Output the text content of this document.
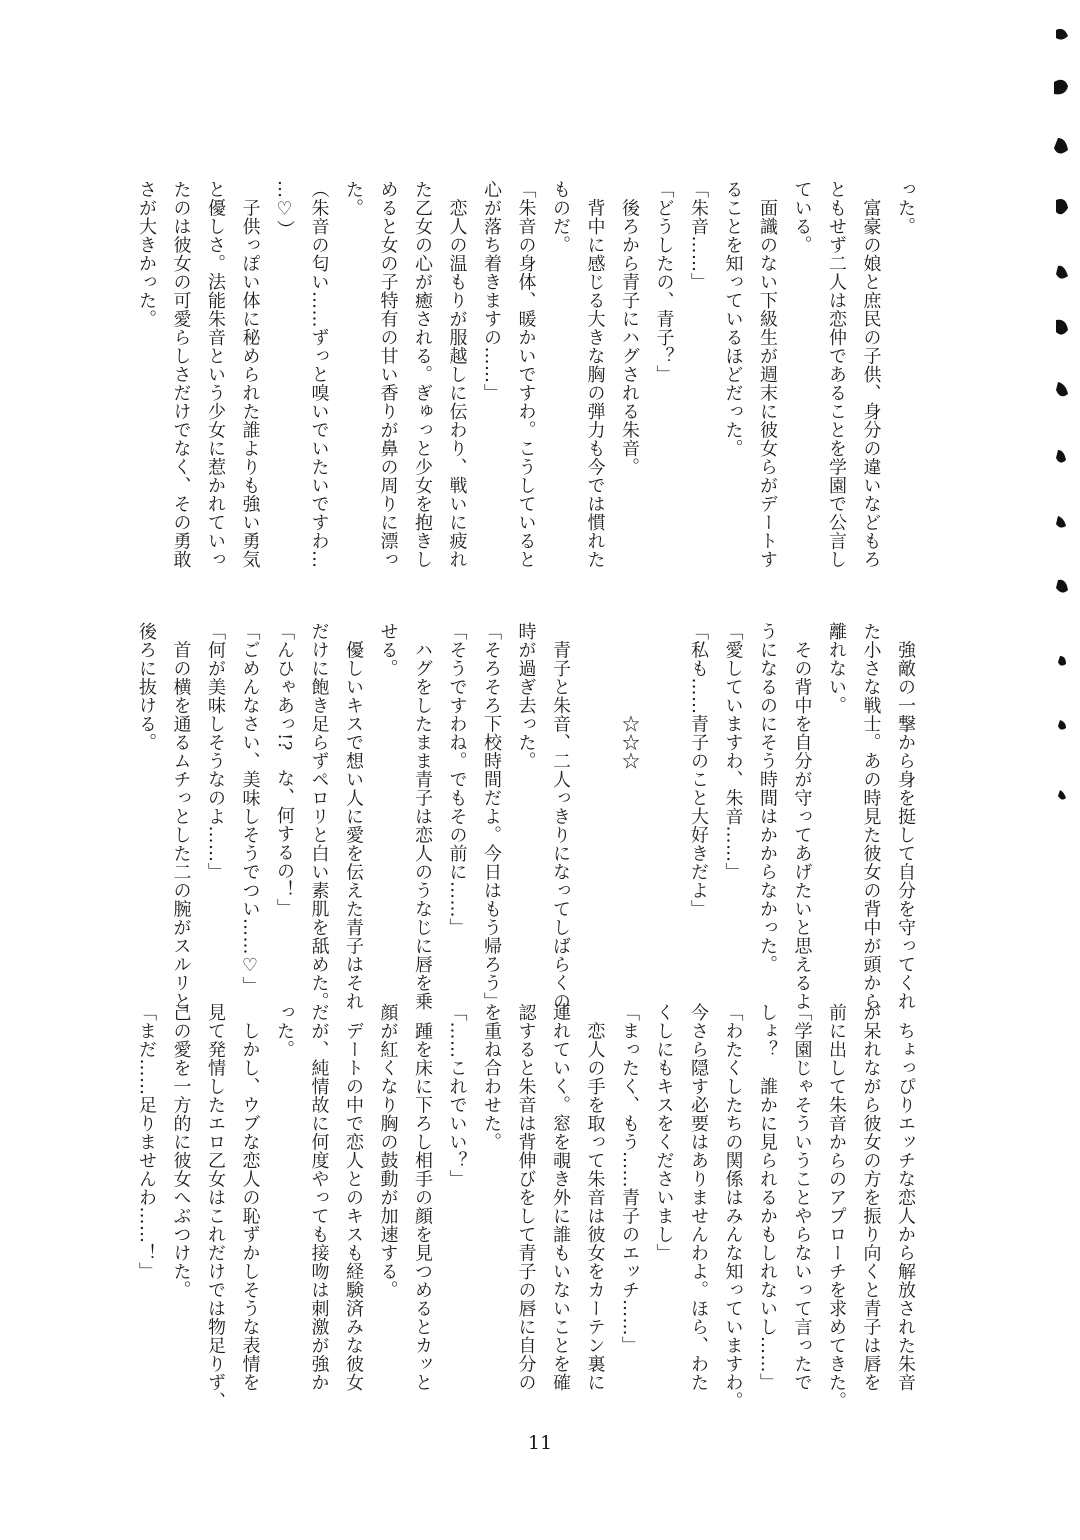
った。

　富豪の娘と庶民の子供、身分の違いなどもろ

ともせず二人は恋仲であることを学園で公言し

ている。

　面識のない下級生が週末に彼女らがデートす

ることを知っているほどだった。

「朱音……」

「どうしたの、青子？」

　後ろから青子にハグされる朱音。

　背中に感じる大きな胸の弾力も今では慣れた

ものだ。

「朱音の身体、暖かいですわ。こうしていると

心が落ち着きますの……」

　恋人の温もりが服越しに伝わり、戦いに疲れ

た乙女の心が癒される。ぎゅっと少女を抱きし

めると女の子特有の甘い香りが鼻の周りに漂っ

た。

（朱音の匂い……ずっと嗅いでいたいですわ…

…♡）

　子供っぽい体に秘められた誰よりも強い勇気

と優しさ。法能朱音という少女に惹かれていっ

たのは彼女の可愛らしさだけでなく、その勇敢

さが大きかった。

　強敵の一撃から身を挺して自分を守ってくれ

た小さな戦士。あの時見た彼女の背中が頭から

離れない。

　その背中を自分が守ってあげたいと思えるよ

うになるのにそう時間はかからなかった。

「愛していますわ、朱音……」

「私も……青子のこと大好きだよ」

　　　　　☆☆☆

　青子と朱音、二人っきりになってしばらくの

時が過ぎ去った。

「そろそろ下校時間だよ。今日はもう帰ろう」

「そうですわね。でもその前に……」

　ハグをしたまま青子は恋人のうなじに唇を乗

せる。

　優しいキスで想い人に愛を伝えた青子はそれ

だけに飽き足らずペロリと白い素肌を舐めた。

「んひゃあっ!?　な、何するの！」

「ごめんなさい、美味しそうでつい……♡」

「何が美味しそうなのよ……」

　首の横を通るムチっとした二の腕がスルリと

後ろに抜ける。

　ちょっぴりエッチな恋人から解放された朱音

が呆れながら彼女の方を振り向くと青子は唇を

前に出して朱音からのアプローチを求めてきた。

「学園じゃそういうことやらないって言ったで

しょ？　誰かに見られるかもしれないし……」

「わたくしたちの関係はみんな知っていますわ。

今さら隠す必要はありませんわよ。ほら、わた

くしにもキスをくださいまし」

「まったく、もう……青子のエッチ……」

　恋人の手を取って朱音は彼女をカーテン裏に

連れていく。窓を覗き外に誰もいないことを確

認すると朱音は背伸びをして青子の唇に自分の

を重ね合わせた。

「……これでいい？」

　踵を床に下ろし相手の顔を見つめるとカッと

顔が紅くなり胸の鼓動が加速する。

　デートの中で恋人とのキスも経験済みな彼女

だが、純情故に何度やっても接吻は刺激が強か

った。

　しかし、ウブな恋人の恥ずかしそうな表情を

見て発情したエロ乙女はこれだけでは物足りず、

己の愛を一方的に彼女へぶつけた。

「まだ……足りませんわ……！」

11
